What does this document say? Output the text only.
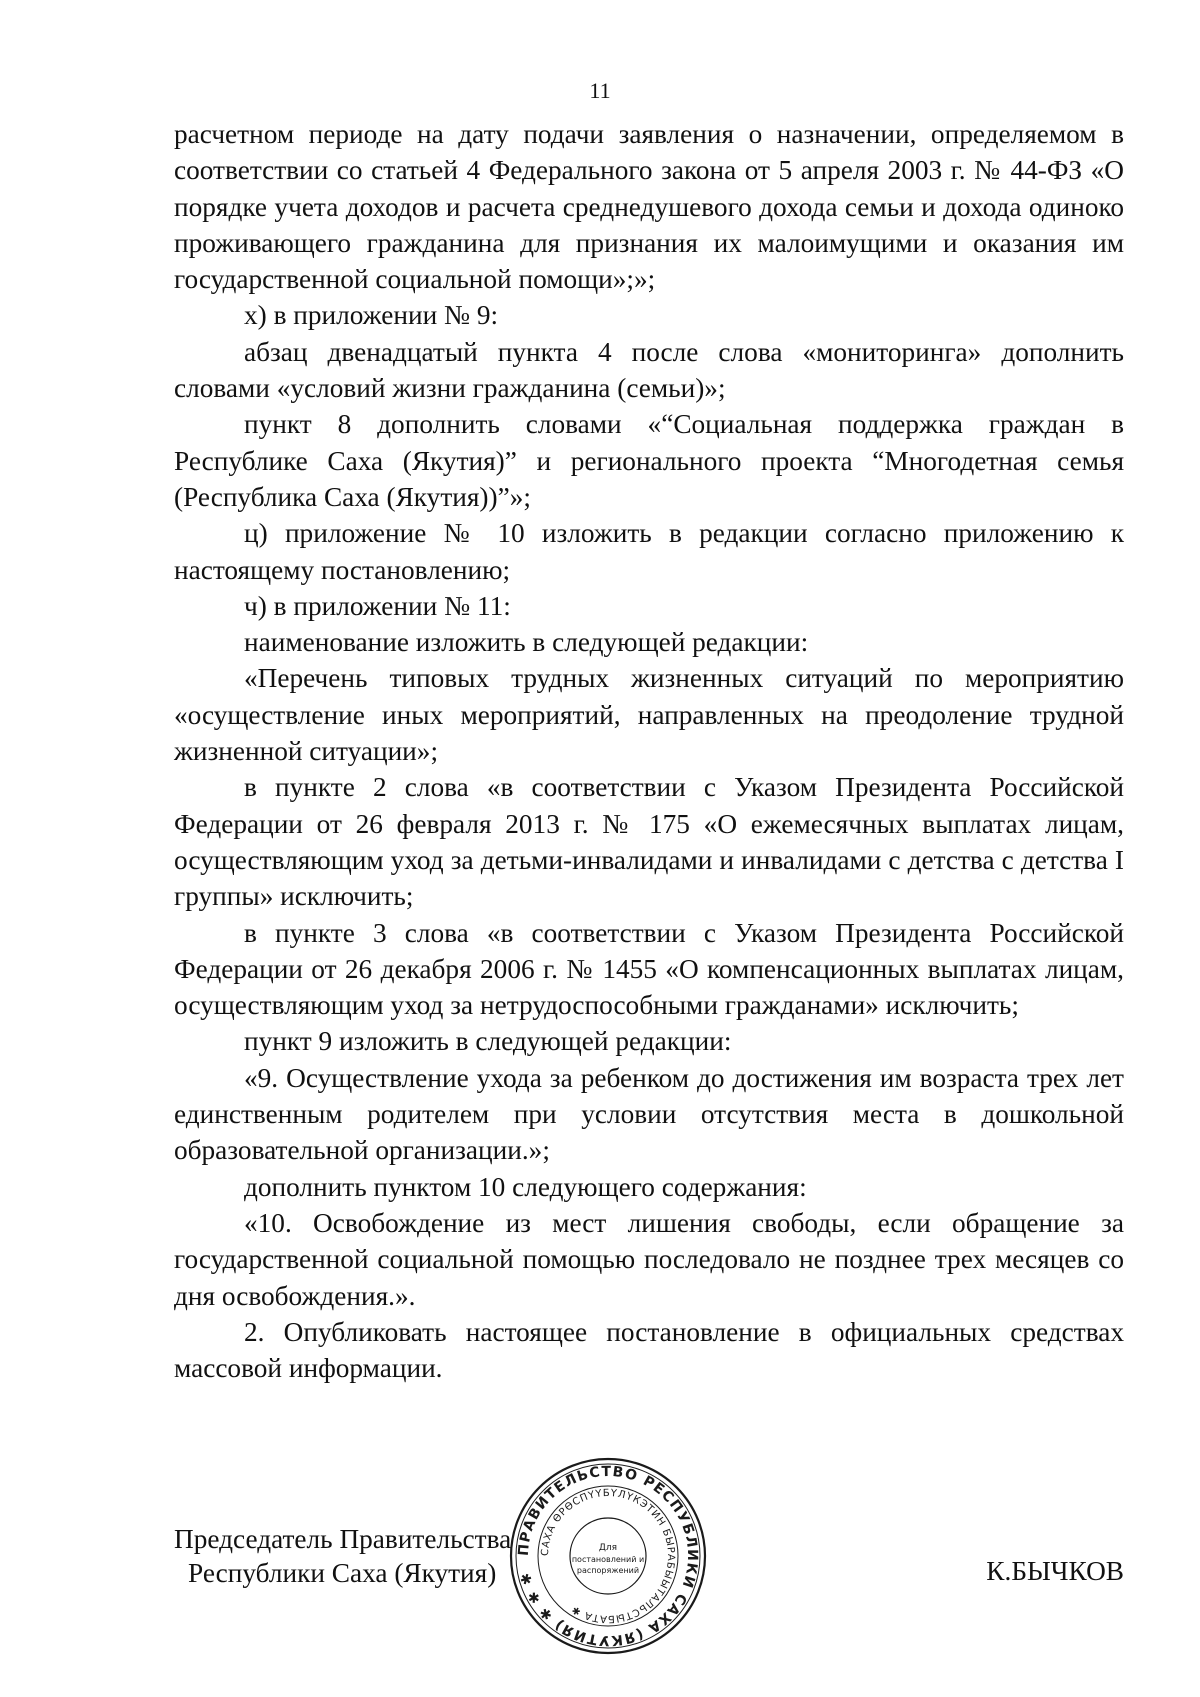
11

расчетном периоде на дату подачи заявления о назначении, определяемом в соответствии со статьей 4 Федерального закона от 5 апреля 2003 г. № 44-ФЗ «О порядке учета доходов и расчета среднедушевого дохода семьи и дохода одиноко проживающего гражданина для признания их малоимущими и оказания им государственной социальной помощи»;»;

х) в приложении № 9:

абзац двенадцатый пункта 4 после слова «мониторинга» дополнить словами «условий жизни гражданина (семьи)»;

пункт 8 дополнить словами «“Социальная поддержка граждан в Республике Саха (Якутия)” и регионального проекта “Многодетная семья (Республика Саха (Якутия))”»;

ц) приложение № 10 изложить в редакции согласно приложению к настоящему постановлению;

ч) в приложении № 11:

наименование изложить в следующей редакции:

«Перечень типовых трудных жизненных ситуаций по мероприятию «осуществление иных мероприятий, направленных на преодоление трудной жизненной ситуации»;

в пункте 2 слова «в соответствии с Указом Президента Российской Федерации от 26 февраля 2013 г. № 175 «О ежемесячных выплатах лицам, осуществляющим уход за детьми-инвалидами и инвалидами с детства с детства I группы» исключить;

в пункте 3 слова «в соответствии с Указом Президента Российской Федерации от 26 декабря 2006 г. № 1455 «О компенсационных выплатах лицам, осуществляющим уход за нетрудоспособными гражданами» исключить;

пункт 9 изложить в следующей редакции:

«9. Осуществление ухода за ребенком до достижения им возраста трех лет единственным родителем при условии отсутствия места в дошкольной образовательной организации.»;

дополнить пунктом 10 следующего содержания:

«10. Освобождение из мест лишения свободы, если обращение за государственной социальной помощью последовало не позднее трех месяцев со дня освобождения.».

2. Опубликовать настоящее постановление в официальных средствах массовой информации.

Председатель Правительства
Республики Саха (Якутия)	К.БЫЧКОВ
ПРАВИТЕЛЬСТВО РЕСПУБЛИКИ САХА (ЯКУТИЯ) ✱ ✱ ✱
САХА ӨРӨСПҮҮБҮЛҮКЭТИН БЫРАБЫЫТАЛЬСТЫБАТА ✱
Для
постановлений и
распоряжений
